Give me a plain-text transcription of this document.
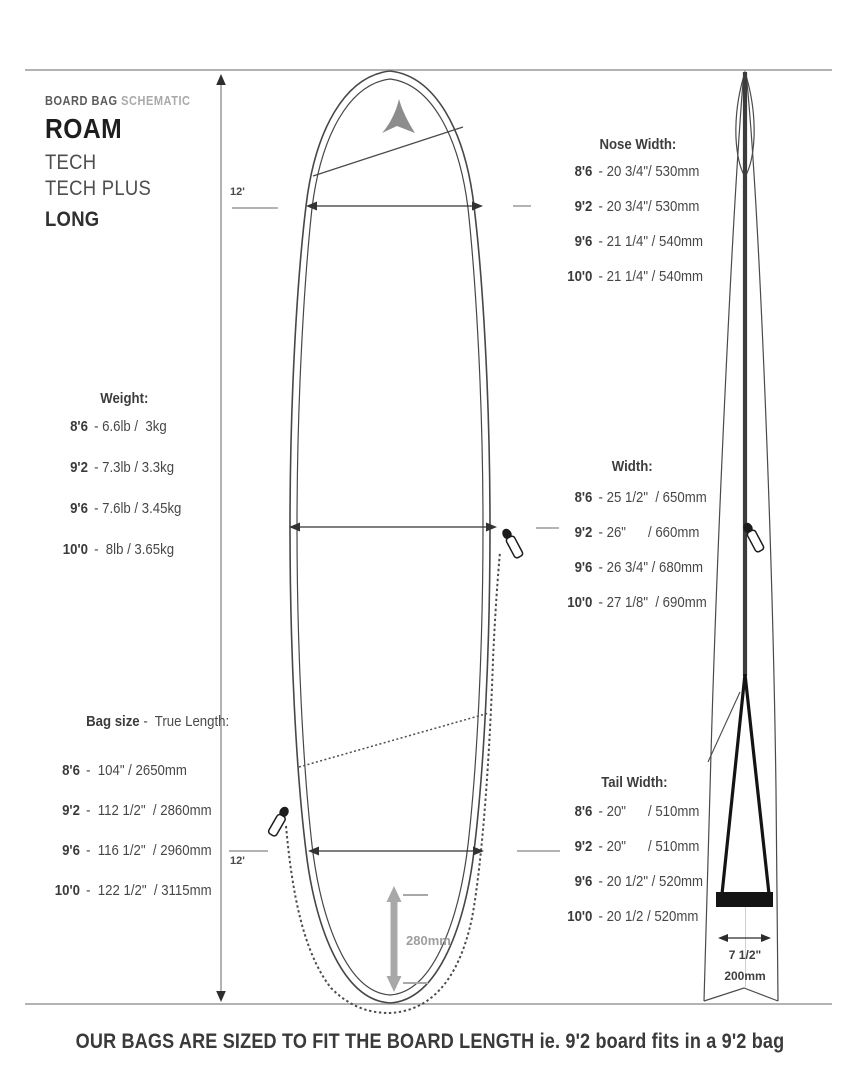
BOARD BAG SCHEMATIC
ROAM
TECH
TECH PLUS
LONG
Weight:
8'6 - 6.6lb /  3kg
9'2 - 7.3lb / 3.3kg
9'6 - 7.6lb / 3.45kg
10'0 -  8lb / 3.65kg

Bag size -  True Length:

8'6 -  104" / 2650mm
9'2 -  112 1/2"  / 2860mm
9'6 -  116 1/2"  / 2960mm
10'0 -  122 1/2"  / 3115mm
Nose Width:
8'6 - 20 3/4"/ 530mm
9'2 - 20 3/4"/ 530mm
9'6 - 21 1/4" / 540mm
10'0 - 21 1/4" / 540mm
Width:
8'6 - 25 1/2"  / 650mm
9'2 - 26"      / 660mm
9'6 - 26 3/4" / 680mm
10'0 - 27 1/8"  / 690mm
Tail Width:
8'6 - 20"      / 510mm
9'2 - 20"      / 510mm
9'6 - 20 1/2" / 520mm
10'0 - 20 1/2 / 520mm
12'
12'
280mm
7 1/2"
200mm
OUR BAGS ARE SIZED TO FIT THE BOARD LENGTH ie. 9'2 board fits in a 9'2 bag
